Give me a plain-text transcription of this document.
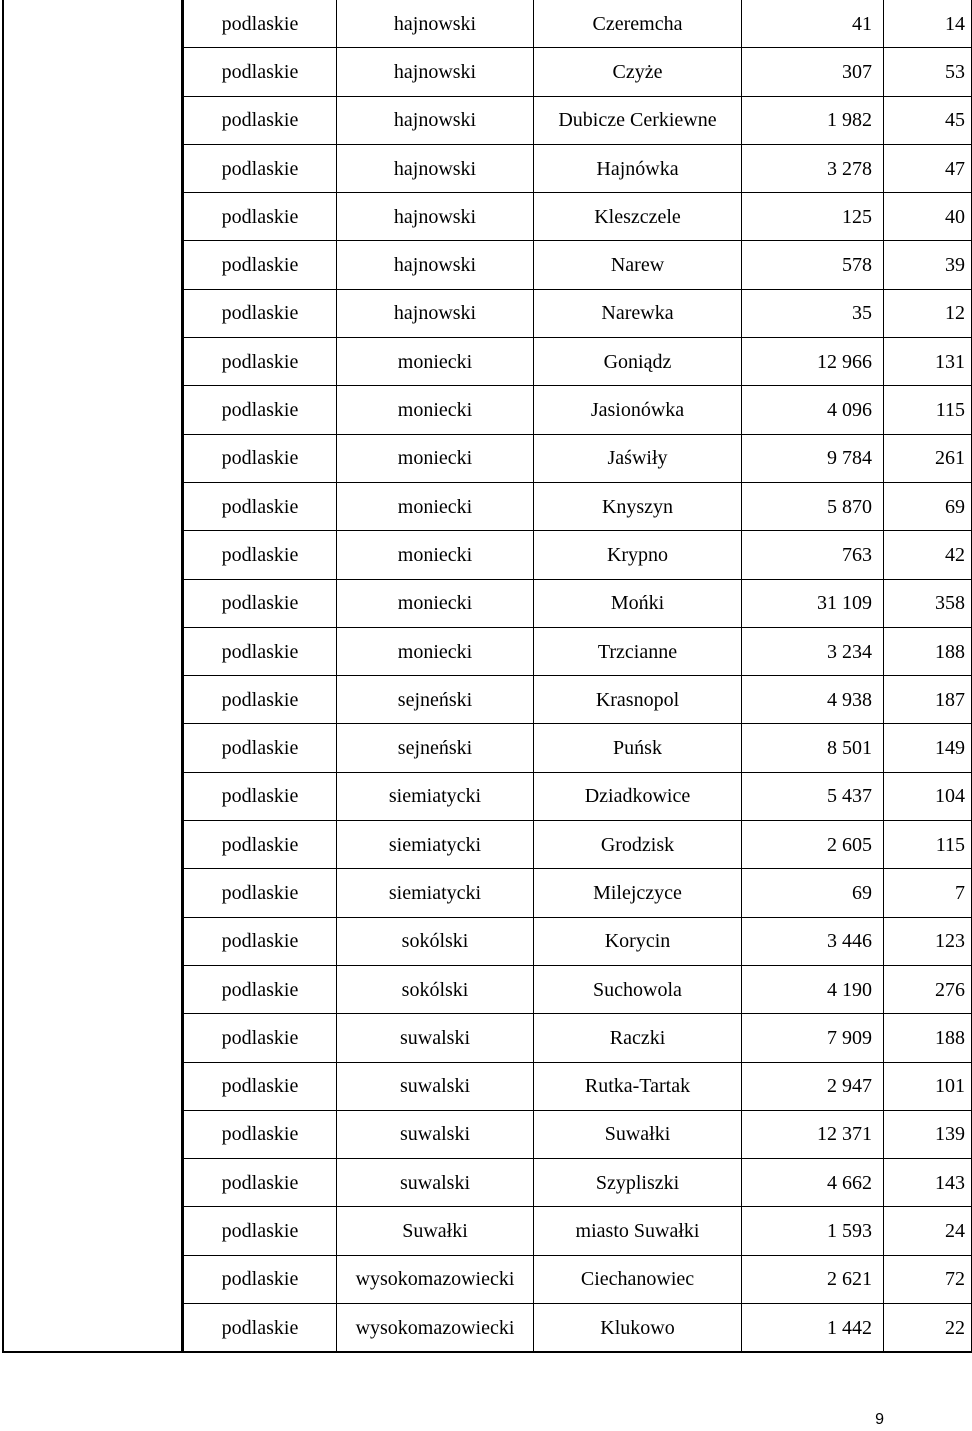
podlaskie	hajnowski	Czeremcha	41	14
podlaskie	hajnowski	Czyże	307	53
podlaskie	hajnowski	Dubicze Cerkiewne	1 982	45
podlaskie	hajnowski	Hajnówka	3 278	47
podlaskie	hajnowski	Kleszczele	125	40
podlaskie	hajnowski	Narew	578	39
podlaskie	hajnowski	Narewka	35	12
podlaskie	moniecki	Goniądz	12 966	131
podlaskie	moniecki	Jasionówka	4 096	115
podlaskie	moniecki	Jaświły	9 784	261
podlaskie	moniecki	Knyszyn	5 870	69
podlaskie	moniecki	Krypno	763	42
podlaskie	moniecki	Mońki	31 109	358
podlaskie	moniecki	Trzcianne	3 234	188
podlaskie	sejneński	Krasnopol	4 938	187
podlaskie	sejneński	Puńsk	8 501	149
podlaskie	siemiatycki	Dziadkowice	5 437	104
podlaskie	siemiatycki	Grodzisk	2 605	115
podlaskie	siemiatycki	Milejczyce	69	7
podlaskie	sokólski	Korycin	3 446	123
podlaskie	sokólski	Suchowola	4 190	276
podlaskie	suwalski	Raczki	7 909	188
podlaskie	suwalski	Rutka-Tartak	2 947	101
podlaskie	suwalski	Suwałki	12 371	139
podlaskie	suwalski	Szypliszki	4 662	143
podlaskie	Suwałki	miasto Suwałki	1 593	24
podlaskie	wysokomazowiecki	Ciechanowiec	2 621	72
podlaskie	wysokomazowiecki	Klukowo	1 442	22
9
